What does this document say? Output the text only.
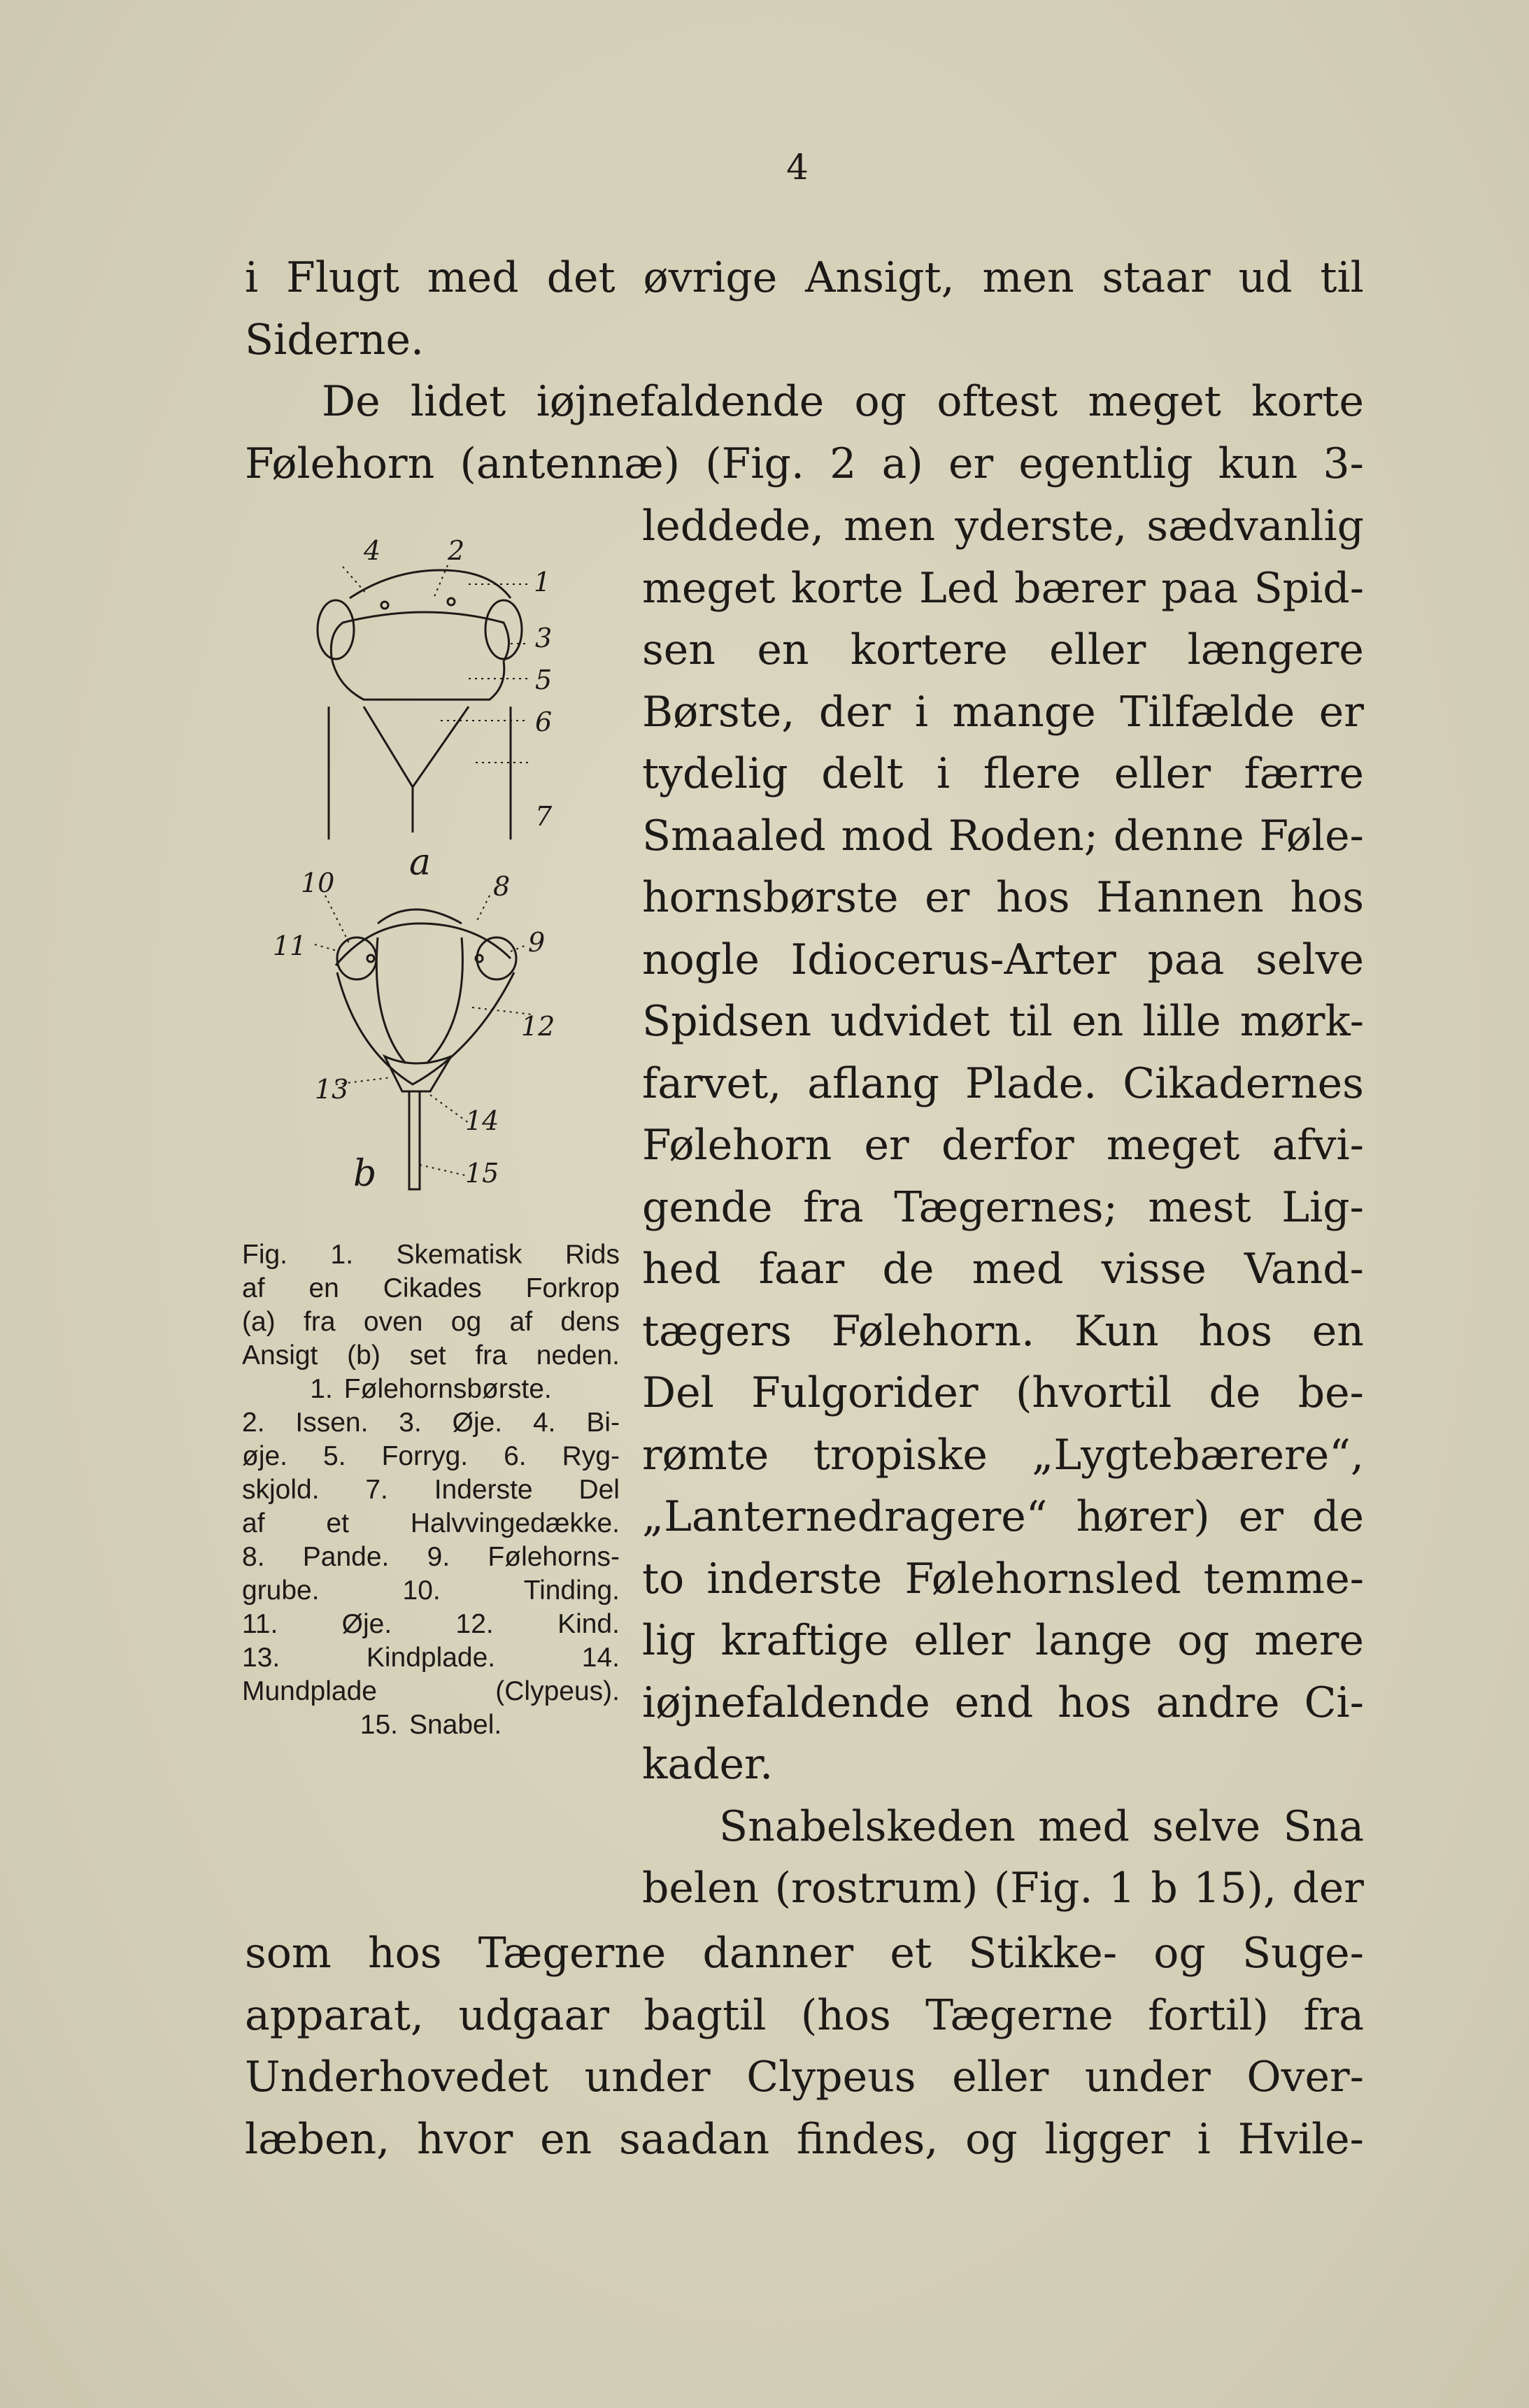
4
i Flugt med det øvrige Ansigt, men staar ud til
Siderne.
De lidet iøjnefaldende og oftest meget korte
Følehorn (antennæ) (Fig. 2 a) er egentlig kun 3-
leddede, men yderste, sædvanlig
meget korte Led bærer paa Spid-
sen en kortere eller længere
Børste, der i mange Tilfælde er
tydelig delt i flere eller færre
Smaaled mod Roden; denne Føle-
hornsbørste er hos Hannen hos
nogle Idiocerus-Arter paa selve
Spidsen udvidet til en lille mørk-
farvet, aflang Plade. Cikadernes
Følehorn er derfor meget afvi-
gende fra Tægernes; mest Lig-
hed faar de med visse Vand-
tægers Følehorn. Kun hos en
Del Fulgorider (hvortil de be-
rømte tropiske „Lygtebærere“,
„Lanternedragere“ hører) er de
to inderste Følehornsled temme-
lig kraftige eller lange og mere
iøjnefaldende end hos andre Ci-
kader.
Snabelskeden med selve Sna
belen (rostrum) (Fig. 1 b 15), der
som hos Tægerne danner et Stikke- og Suge-
apparat, udgaar bagtil (hos Tægerne fortil) fra
Underhovedet under Clypeus eller under Over-
læben, hvor en saadan findes, og ligger i Hvile-
4	2
1
3
5
6
7
a
10	8
11	9
12
13
14
15
b
Fig. 1. Skematisk Rids
af en Cikades Forkrop
(a) fra oven og af dens
Ansigt (b) set fra neden.
1. Følehornsbørste.
2. Issen. 3. Øje. 4. Bi-
øje. 5. Forryg. 6. Ryg-
skjold. 7. Inderste Del
af et Halvvingedække.
8. Pande. 9. Følehorns-
grube.	10.	Tinding.
11. Øje. 12. Kind.
13.	Kindplade.	14.
Mundplade	(Clypeus).
15. Snabel.
